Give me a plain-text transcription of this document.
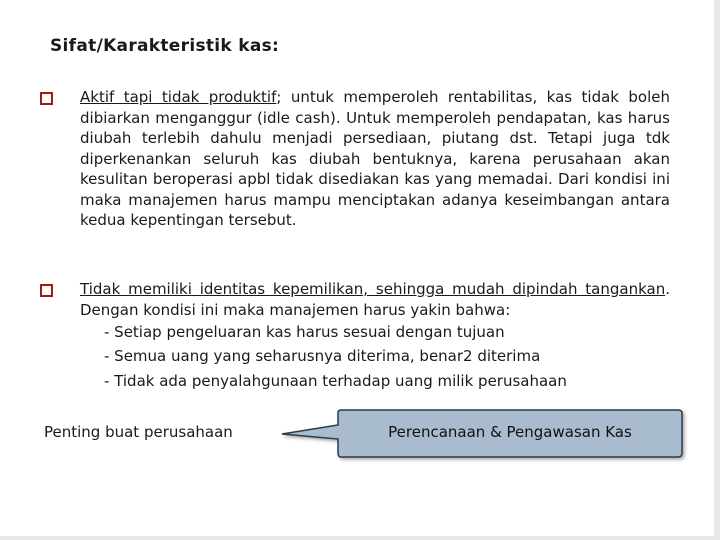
Sifat/Karakteristik kas:
Aktif tapi tidak produktif; untuk memperoleh rentabilitas, kas tidak boleh dibiarkan menganggur (idle cash). Untuk memperoleh pendapatan, kas harus diubah terlebih dahulu menjadi persediaan, piutang dst. Tetapi juga tdk diperkenankan seluruh kas diubah bentuknya, karena perusahaan akan kesulitan beroperasi apbl tidak disediakan kas yang memadai. Dari kondisi ini maka manajemen harus mampu menciptakan adanya keseimbangan antara kedua kepentingan tersebut.
Tidak memiliki identitas kepemilikan, sehingga mudah dipindah tangankan. Dengan kondisi ini maka manajemen harus yakin bahwa:
- Setiap pengeluaran kas harus sesuai dengan tujuan
- Semua uang yang seharusnya diterima, benar2 diterima
- Tidak ada penyalahgunaan terhadap uang milik perusahaan
Penting buat perusahaan	Perencanaan & Pengawasan Kas
